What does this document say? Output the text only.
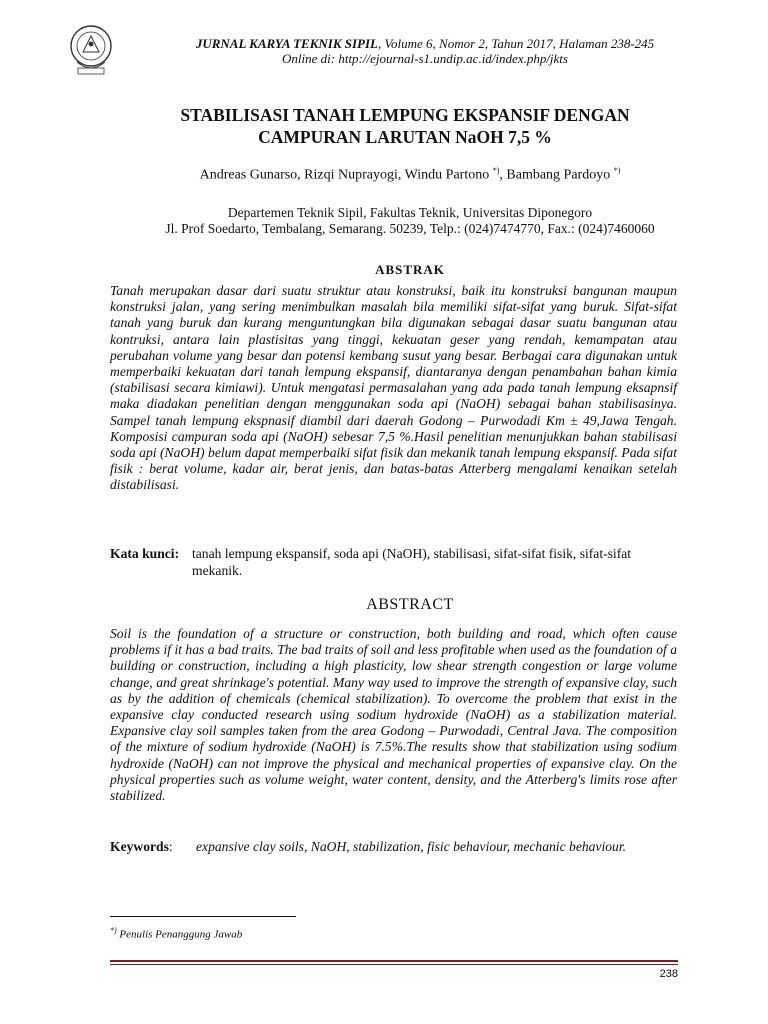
JURNAL KARYA TEKNIK SIPIL, Volume 6, Nomor 2, Tahun 2017, Halaman 238-245
Online di: http://ejournal-s1.undip.ac.id/index.php/jkts
STABILISASI TANAH LEMPUNG EKSPANSIF DENGAN
CAMPURAN LARUTAN NaOH 7,5 %
Andreas Gunarso, Rizqi Nuprayogi, Windu Partono *), Bambang Pardoyo *)
Departemen Teknik Sipil, Fakultas Teknik, Universitas Diponegoro
Jl. Prof Soedarto, Tembalang, Semarang. 50239, Telp.: (024)7474770, Fax.: (024)7460060
ABSTRAK
Tanah merupakan dasar dari suatu struktur atau konstruksi, baik itu konstruksi bangunan maupun konstruksi jalan, yang sering menimbulkan masalah bila memiliki sifat-sifat yang buruk. Sifat-sifat tanah yang buruk dan kurang menguntungkan bila digunakan sebagai dasar suatu bangunan atau kontruksi, antara lain plastisitas yang tinggi, kekuatan geser yang rendah, kemampatan atau perubahan volume yang besar dan potensi kembang susut yang besar. Berbagai cara digunakan untuk memperbaiki kekuatan dari tanah lempung ekspansif, diantaranya dengan penambahan bahan kimia (stabilisasi secara kimiawi). Untuk mengatasi permasalahan yang ada pada tanah lempung eksapnsif maka diadakan penelitian dengan menggunakan soda api (NaOH) sebagai bahan stabilisasinya. Sampel tanah lempung ekspnasif diambil dari daerah Godong – Purwodadi Km ± 49,Jawa Tengah. Komposisi campuran soda api (NaOH) sebesar 7,5 %.Hasil penelitian menunjukkan bahan stabilisasi soda api (NaOH) belum dapat memperbaiki sifat fisik dan mekanik tanah lempung ekspansif. Pada sifat fisik : berat volume, kadar air, berat jenis, dan batas-batas Atterberg mengalami kenaikan setelah distabilisasi.
Kata kunci: tanah lempung ekspansif, soda api (NaOH), stabilisasi, sifat-sifat fisik, sifat-sifat mekanik.
ABSTRACT
Soil is the foundation of a structure or construction, both building and road, which often cause problems if it has a bad traits. The bad traits of soil and less profitable when used as the foundation of a building or construction, including a high plasticity, low shear strength congestion or large volume change, and great shrinkage's potential. Many way used to improve the strength of expansive clay, such as by the addition of chemicals (chemical stabilization). To overcome the problem that exist in the expansive clay conducted research using sodium hydroxide (NaOH) as a stabilization material. Expansive clay soil samples taken from the area Godong – Purwodadi, Central Java. The composition of the mixture of sodium hydroxide (NaOH) is 7.5%.The results show that stabilization using sodium hydroxide (NaOH) can not improve the physical and mechanical properties of expansive clay. On the physical properties such as volume weight, water content, density, and the Atterberg's limits rose after stabilized.
Keywords:	expansive clay soils, NaOH, stabilization, fisic behaviour, mechanic behaviour.
*) Penulis Penanggung Jawab
238
